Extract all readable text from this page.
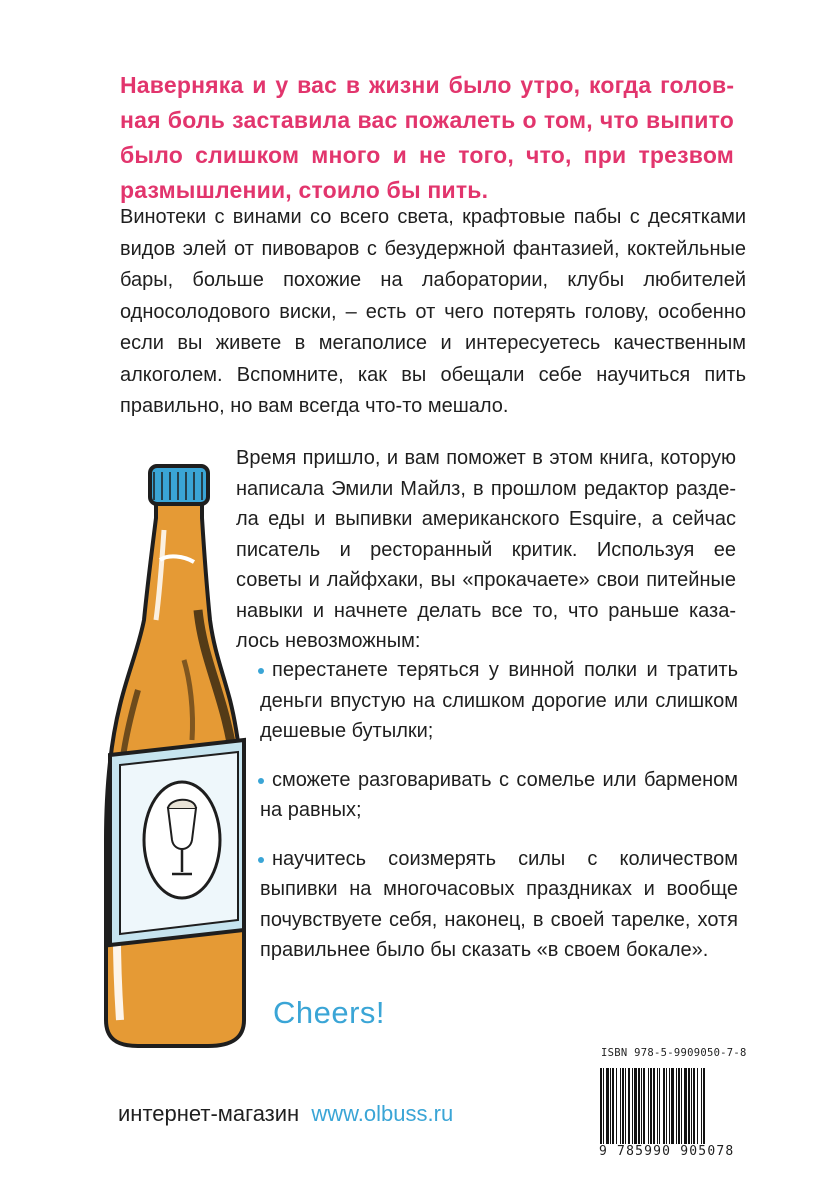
Наверняка и у вас в жизни было утро, когда головная боль заставила вас пожалеть о том, что выпито было слишком много и не того, что, при трезвом размышлении, стоило бы пить.

Винотеки с винами со всего света, крафтовые пабы с десятками видов элей от пивоваров с безудержной фантазией, коктейльные бары, больше похожие на лаборатории, клубы любителей односолодового виски, – есть от чего потерять голову, особенно если вы живете в мегаполисе и интересуетесь качественным алкоголем. Вспомните, как вы обещали себе научиться пить правильно, но вам всегда что-то мешало.

Время пришло, и вам поможет в этом книга, которую написала Эмили Майлз, в прошлом редактор раздела еды и выпивки американского Esquire, а сейчас писатель и ресторанный критик. Используя ее советы и лайфхаки, вы «прокачаете» свои питейные навыки и начнете делать все то, что раньше казалось невозможным:

перестанете теряться у винной полки и тратить деньги впустую на слишком дорогие или слишком дешевые бутылки;
сможете разговаривать с сомелье или барменом на равных;
научитесь соизмерять силы с количеством выпивки на многочасовых праздниках и вообще почувствуете себя, наконец, в своей тарелке, хотя правильнее было бы сказать «в своем бокале».
Cheers!
интернет-магазин www.olbuss.ru
ISBN 978-5-9909050-7-8
9 785990 905078
